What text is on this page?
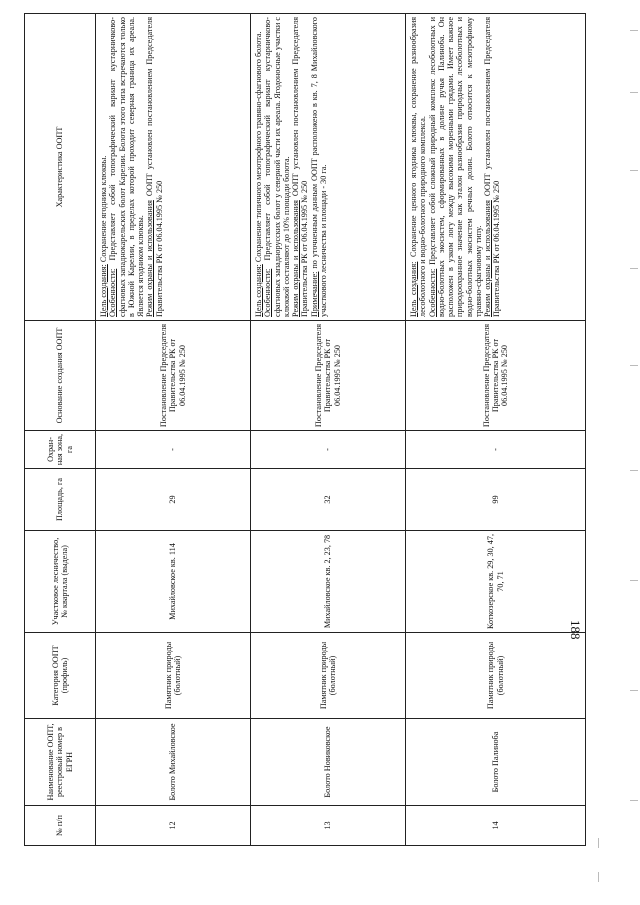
№ п/п	Наименование ООПТ, реестровый номер в ЕГРН	Категория ООПТ (профиль)	Участковое лесничество, № квартала (выдела)	Площадь, га	Охран-ная зона, га	Основание создания ООПТ	Характеристика ООПТ
12	Болото Михайловское	Памятник природы (болотный)	Михайловское кв. 114	29	-	Постановление Председателя Правительства РК от 06.04.1995 № 250	Цель создания: Сохранение ягодника клюквы.
Особенности: Представляет собой топографический вариант кустарничково-сфагновых западнокарельских болот Карелии. Болота этого типа встречаются только в Южной Карелии, в пределах которой проходит северная граница их ареала. Является ягодником клюквы. Режим охраны и использования ООПТ установлен постановлением Председателя Правительства РК от 06.04.1995 № 250

13	Болото Новиковское	Памятник природы (болотный)	Михайловское кв. 2, 23, 78	32	-	Постановление Председателя Правительства РК от 06.04.1995 № 250	Цель создания: Сохранение типичного мезотрофного травяно-сфагнового болота.
Особенности: Представляет собой топографический вариант кустарничково-сфагновых западнорусских болот у северной части их ареала. Ягодоносные участки с клюквой составляют до 10% площади болота. Режим охраны и использования ООПТ установлен постановлением Председателя Правительства РК от 06.04.1995 № 250 Примечание: по уточненным данным ООПТ расположено в кв. 7, 8 Михайловского участкового лесничества и площади - 30 га.

14	Болото Палиноба	Памятник природы (болотный)	Коткозерское кв. 29, 30, 47, 70, 71	99	-	Постановление Председателя Правительства РК от 06.04.1995 № 250	Цель создания: Сохранение ценного ягодника клюквы, сохранение разнообразия лесоболотного и водно-болотного природного комплекса. Особенности: Представляет собой сложный природный комплекс лесоболотных и водно-болотных экосистем, сформированных в долине ручья Палиноба. Он расположен в узком логу между высокими моренными грядами. Имеет важное природоохранное значение как эталон разнообразия природных лесоболотных и водно-болотных экосистем речных долин. Болото относится к мезотрофному травяно-сфагновому типу. Режим охраны и использования ООПТ установлен постановлением Председателя Правительства РК от 06.04.1995 № 250
188
